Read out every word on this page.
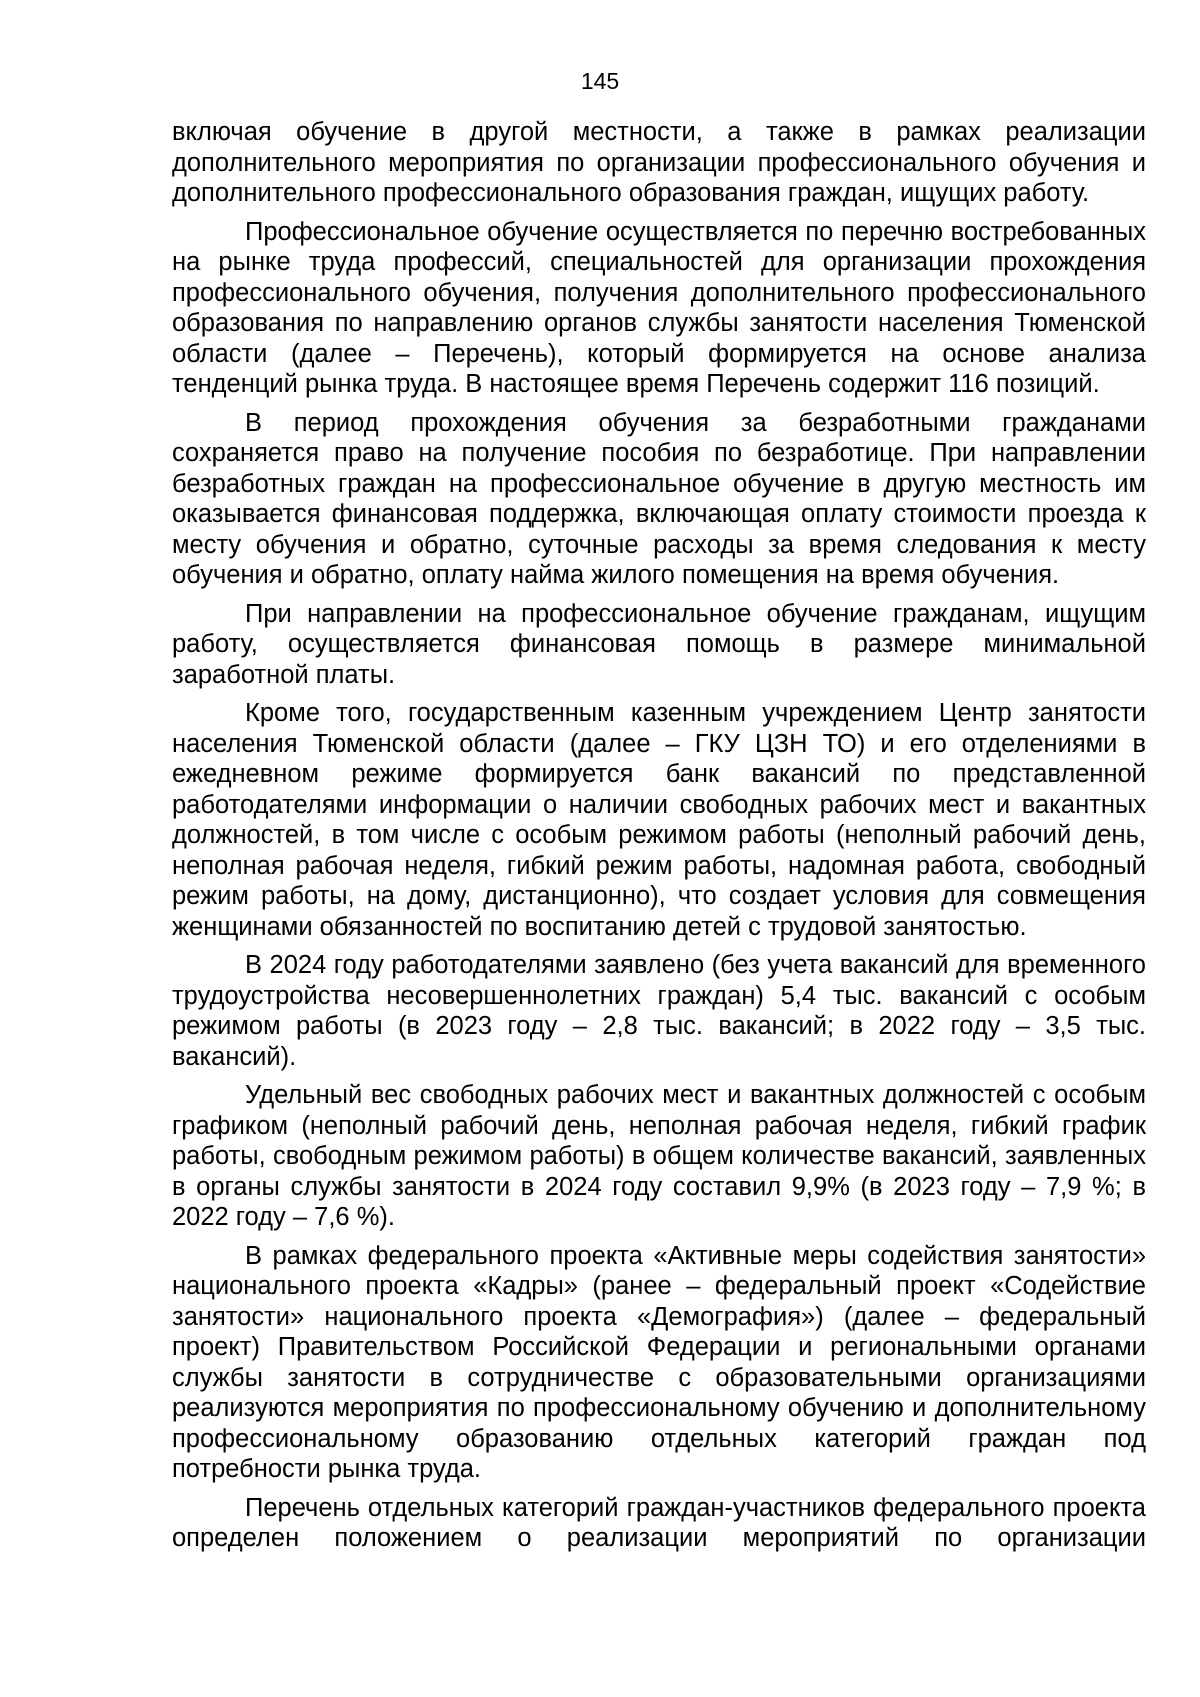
145

включая обучение в другой местности, а также в рамках реализации дополнительного мероприятия по организации профессионального обучения и дополнительного профессионального образования граждан, ищущих работу.

Профессиональное обучение осуществляется по перечню востребованных на рынке труда профессий, специальностей для организации прохождения профессионального обучения, получения дополнительного профессионального образования по направлению органов службы занятости населения Тюменской области (далее – Перечень), который формируется на основе анализа тенденций рынка труда. В настоящее время Перечень содержит 116 позиций.

В период прохождения обучения за безработными гражданами сохраняется право на получение пособия по безработице. При направлении безработных граждан на профессиональное обучение в другую местность им оказывается финансовая поддержка, включающая оплату стоимости проезда к месту обучения и обратно, суточные расходы за время следования к месту обучения и обратно, оплату найма жилого помещения на время обучения.

При направлении на профессиональное обучение гражданам, ищущим работу, осуществляется финансовая помощь в размере минимальной заработной платы.

Кроме того, государственным казенным учреждением Центр занятости населения Тюменской области (далее – ГКУ ЦЗН ТО) и его отделениями в ежедневном режиме формируется банк вакансий по представленной работодателями информации о наличии свободных рабочих мест и вакантных должностей, в том числе с особым режимом работы (неполный рабочий день, неполная рабочая неделя, гибкий режим работы, надомная работа, свободный режим работы, на дому, дистанционно), что создает условия для совмещения женщинами обязанностей по воспитанию детей с трудовой занятостью.

В 2024 году работодателями заявлено (без учета вакансий для временного трудоустройства несовершеннолетних граждан) 5,4 тыс. вакансий с особым режимом работы (в 2023 году – 2,8 тыс. вакансий; в 2022 году – 3,5 тыс. вакансий).

Удельный вес свободных рабочих мест и вакантных должностей с особым графиком (неполный рабочий день, неполная рабочая неделя, гибкий график работы, свободным режимом работы) в общем количестве вакансий, заявленных в органы службы занятости в 2024 году составил 9,9% (в 2023 году – 7,9 %; в 2022 году – 7,6 %).

В рамках федерального проекта «Активные меры содействия занятости» национального проекта «Кадры» (ранее – федеральный проект «Содействие занятости» национального проекта «Демография») (далее – федеральный проект) Правительством Российской Федерации и региональными органами службы занятости в сотрудничестве с образовательными организациями реализуются мероприятия по профессиональному обучению и дополнительному профессиональному образованию отдельных категорий граждан под потребности рынка труда.

Перечень отдельных категорий граждан-участников федерального проекта определен положением о реализации мероприятий по организации
